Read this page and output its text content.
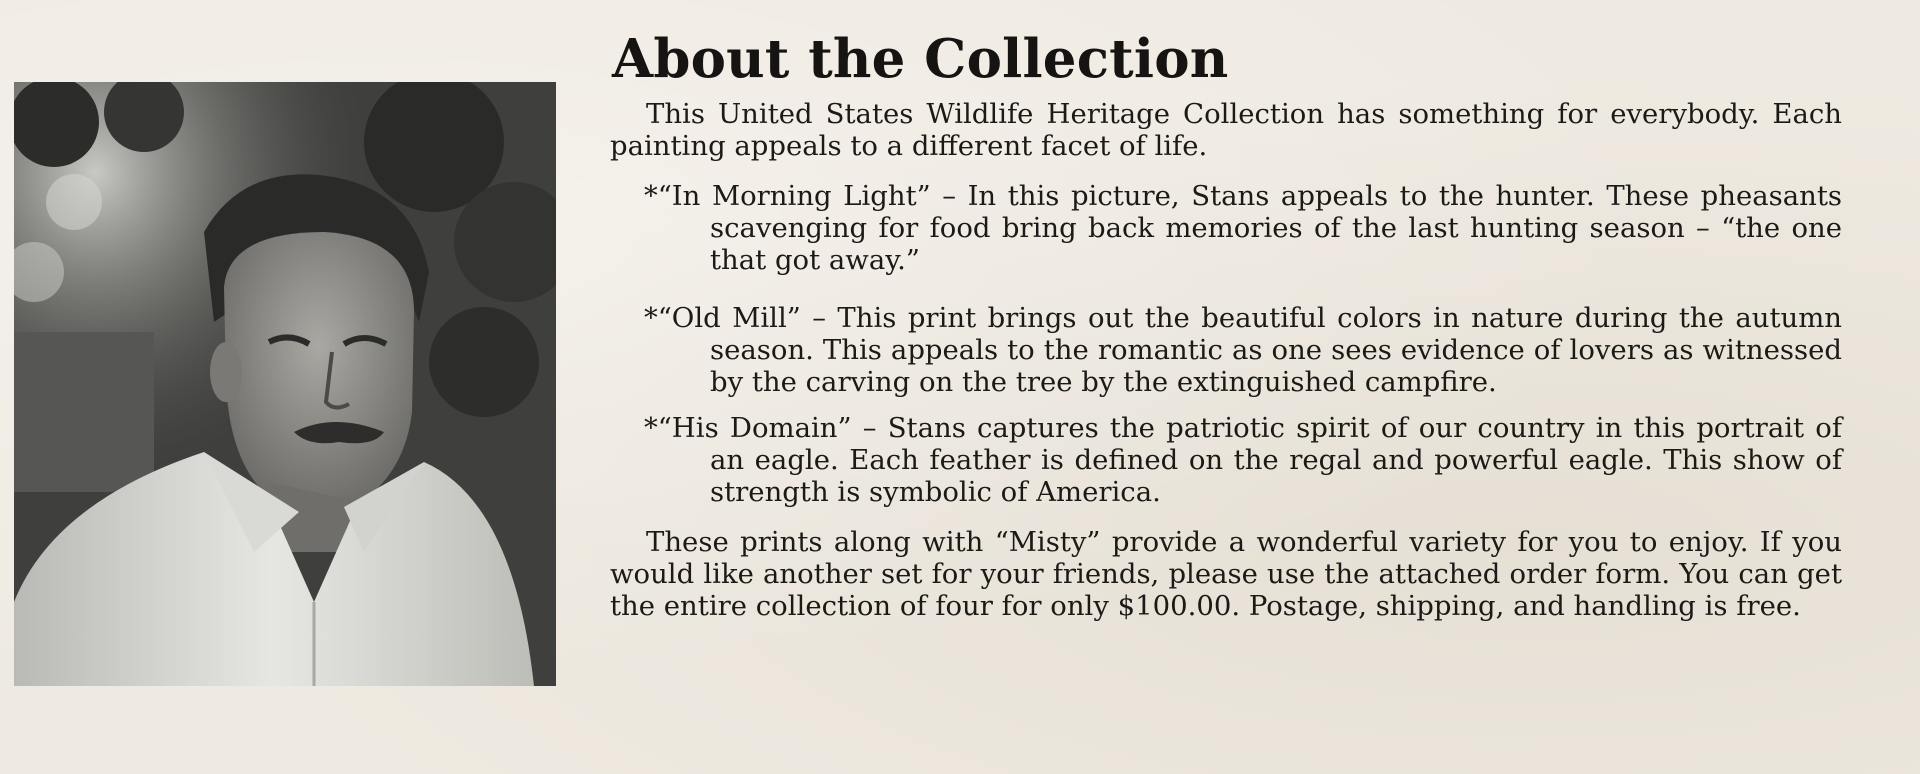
About the Collection

This United States Wildlife Heritage Collection has something for everybody. Each painting appeals to a different facet of life.

*“In Morning Light” – In this picture, Stans appeals to the hunter. These pheasants scavenging for food bring back memories of the last hunting season – “the one that got away.”

*“Old Mill” – This print brings out the beautiful colors in nature during the autumn season. This appeals to the romantic as one sees evidence of lovers as witnessed by the carving on the tree by the extinguished campfire.

*“His Domain” – Stans captures the patriotic spirit of our country in this portrait of an eagle. Each feather is defined on the regal and powerful eagle. This show of strength is symbolic of America.

These prints along with “Misty” provide a wonderful variety for you to enjoy. If you would like another set for your friends, please use the attached order form. You can get the entire collection of four for only $100.00. Postage, shipping, and handling is free.
